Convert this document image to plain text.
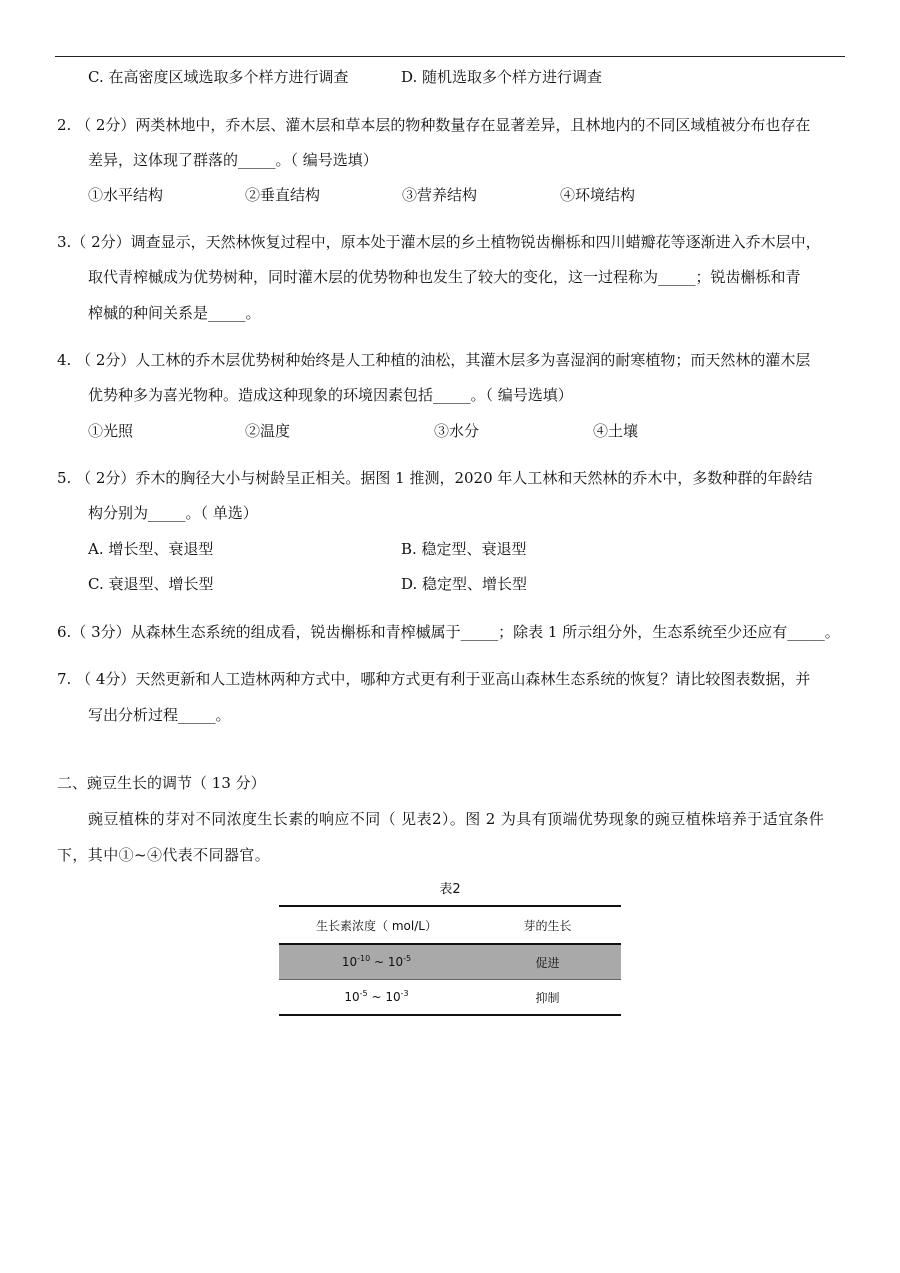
C. 在高密度区域选取多个样方进行调查	D. 随机选取多个样方进行调查
2. （ 2分）两类林地中，乔木层、灌木层和草本层的物种数量存在显著差异，且林地内的不同区域植被分布也存在
差异，这体现了群落的_____。（ 编号选填）
①水平结构	②垂直结构	③营养结构	④环境结构
3.（ 2分）调查显示，天然林恢复过程中，原本处于灌木层的乡土植物锐齿槲栎和四川蜡瓣花等逐渐进入乔木层中，
取代青榨槭成为优势树种，同时灌木层的优势物种也发生了较大的变化，这一过程称为_____；锐齿槲栎和青
榨槭的种间关系是_____。
4. （ 2分）人工林的乔木层优势树种始终是人工种植的油松，其灌木层多为喜湿润的耐寒植物；而天然林的灌木层
优势种多为喜光物种。造成这种现象的环境因素包括_____。（ 编号选填）
①光照	②温度	③水分	④土壤
5. （ 2分）乔木的胸径大小与树龄呈正相关。据图 1 推测，2020 年人工林和天然林的乔木中，多数种群的年龄结
构分别为_____。（ 单选）
A. 增长型、衰退型	B. 稳定型、衰退型
C. 衰退型、增长型	D. 稳定型、增长型
6.（ 3分）从森林生态系统的组成看，锐齿槲栎和青榨槭属于_____；除表 1 所示组分外，生态系统至少还应有_____。
7. （ 4分）天然更新和人工造林两种方式中，哪种方式更有利于亚高山森林生态系统的恢复？请比较图表数据，并
写出分析过程_____。
二、豌豆生长的调节（ 13 分）
豌豆植株的芽对不同浓度生长素的响应不同（ 见表2）。图 2 为具有顶端优势现象的豌豆植株培养于适宜条件
下，其中①~④代表不同器官。
表2
生长素浓度（ mol/L）	芽的生长
$10^{-10}$ ~ $10^{-5}$	促进
$10^{-5}$ ~ $10^{-3}$	抑制
